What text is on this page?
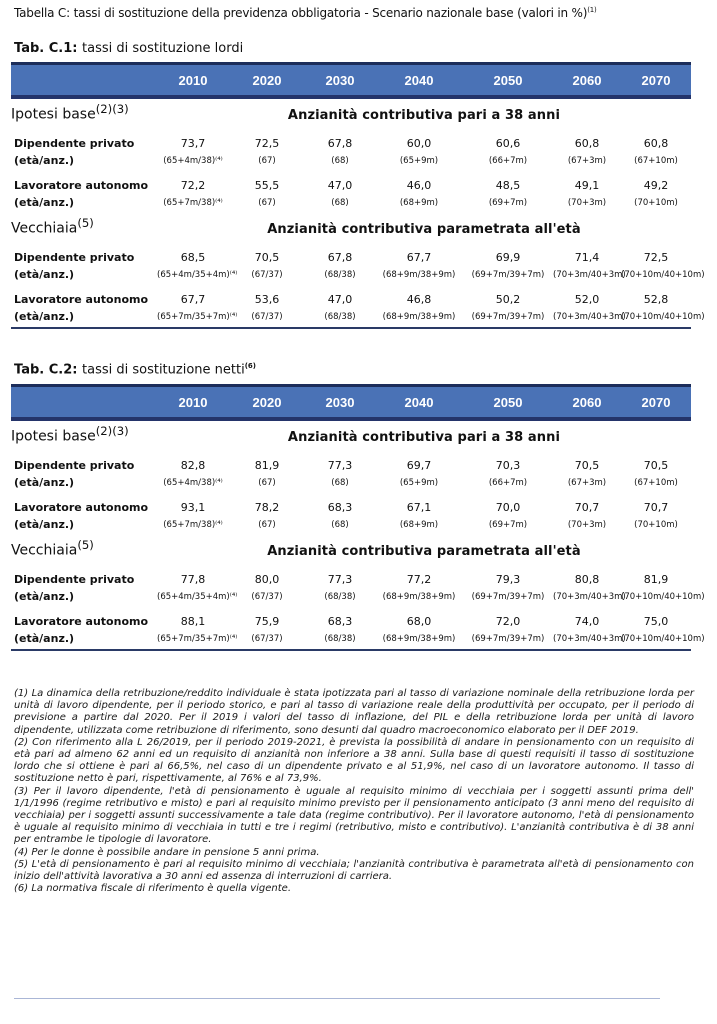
Tabella C: tassi di sostituzione della previdenza obbligatoria - Scenario nazionale base (valori in %)$^{(1)}$
Tab. C.1: tassi di sostituzione lordi
	2010	2020	2030	2040	2050	2060	2070
Ipotesi base$^{(2)(3)}$	Anzianità contributiva pari a 38 anni						

Dipendente privato	73,7	72,5	67,8	60,0	60,6	60,8	60,8
(età/anz.)	(65+4m/38)⁽⁴⁾	(67)	(68)	(65+9m)	(66+7m)	(67+3m)	(67+10m)
Lavoratore autonomo	72,2	55,5	47,0	46,0	48,5	49,1	49,2
(età/anz.)	(65+7m/38)⁽⁴⁾	(67)	(68)	(68+9m)	(69+7m)	(70+3m)	(70+10m)
Vecchiaia$^{(5)}$	Anzianità contributiva parametrata all'età						

Dipendente privato	68,5	70,5	67,8	67,7	69,9	71,4	72,5
(età/anz.)	(65+4m/35+4m)⁽⁴⁾	(67/37)	(68/38)	(68+9m/38+9m)	(69+7m/39+7m)	(70+3m/40+3m)	(70+10m/40+10m)
Lavoratore autonomo	67,7	53,6	47,0	46,8	50,2	52,0	52,8
(età/anz.)	(65+7m/35+7m)⁽⁴⁾	(67/37)	(68/38)	(68+9m/38+9m)	(69+7m/39+7m)	(70+3m/40+3m)	(70+10m/40+10m)
Tab. C.2: tassi di sostituzione netti$^{(6)}$
	2010	2020	2030	2040	2050	2060	2070
Ipotesi base$^{(2)(3)}$	Anzianità contributiva pari a 38 anni						

Dipendente privato	82,8	81,9	77,3	69,7	70,3	70,5	70,5
(età/anz.)	(65+4m/38)⁽⁴⁾	(67)	(68)	(65+9m)	(66+7m)	(67+3m)	(67+10m)
Lavoratore autonomo	93,1	78,2	68,3	67,1	70,0	70,7	70,7
(età/anz.)	(65+7m/38)⁽⁴⁾	(67)	(68)	(68+9m)	(69+7m)	(70+3m)	(70+10m)
Vecchiaia$^{(5)}$	Anzianità contributiva parametrata all'età						

Dipendente privato	77,8	80,0	77,3	77,2	79,3	80,8	81,9
(età/anz.)	(65+4m/35+4m)⁽⁴⁾	(67/37)	(68/38)	(68+9m/38+9m)	(69+7m/39+7m)	(70+3m/40+3m)	(70+10m/40+10m)
Lavoratore autonomo	88,1	75,9	68,3	68,0	72,0	74,0	75,0
(età/anz.)	(65+7m/35+7m)⁽⁴⁾	(67/37)	(68/38)	(68+9m/38+9m)	(69+7m/39+7m)	(70+3m/40+3m)	(70+10m/40+10m)

(1) La dinamica della retribuzione/reddito individuale è stata ipotizzata pari al tasso di variazione nominale della retribuzione lorda per unità di lavoro dipendente, per il periodo storico, e pari al tasso di variazione reale della produttività per occupato, per il periodo di previsione a partire dal 2020. Per il 2019 i valori del tasso di inflazione, del PIL e della retribuzione lorda per unità di lavoro dipendente, utilizzata come retribuzione di riferimento, sono desunti dal quadro macroeconomico elaborato per il DEF 2019.

(2) Con riferimento alla L 26/2019, per il periodo 2019-2021, è prevista la possibilità di andare in pensionamento con un requisito di età pari ad almeno 62 anni ed un requisito di anzianità non inferiore a 38 anni. Sulla base di questi requisiti il tasso di sostituzione lordo che si ottiene è pari al 66,5%, nel caso di un dipendente privato e al 51,9%, nel caso di un lavoratore autonomo. Il tasso di sostituzione netto è pari, rispettivamente, al 76% e al 73,9%.

(3) Per il lavoro dipendente, l'età di pensionamento è uguale al requisito minimo di vecchiaia per i soggetti assunti prima dell' 1/1/1996 (regime retributivo e misto) e pari al requisito minimo previsto per il pensionamento anticipato (3 anni meno del requisito di vecchiaia) per i soggetti assunti successivamente a tale data (regime contributivo). Per il lavoratore autonomo, l'età di pensionamento è uguale al requisito minimo di vecchiaia in tutti e tre i regimi (retributivo, misto e contributivo). L'anzianità contributiva è di 38 anni per entrambe le tipologie di lavoratore.

(4) Per le donne è possibile andare in pensione 5 anni prima.

(5) L'età di pensionamento è pari al requisito minimo di vecchiaia; l'anzianità contributiva è parametrata all'età di pensionamento con inizio dell'attività lavorativa a 30 anni ed assenza di interruzioni di carriera.

(6) La normativa fiscale di riferimento è quella vigente.
